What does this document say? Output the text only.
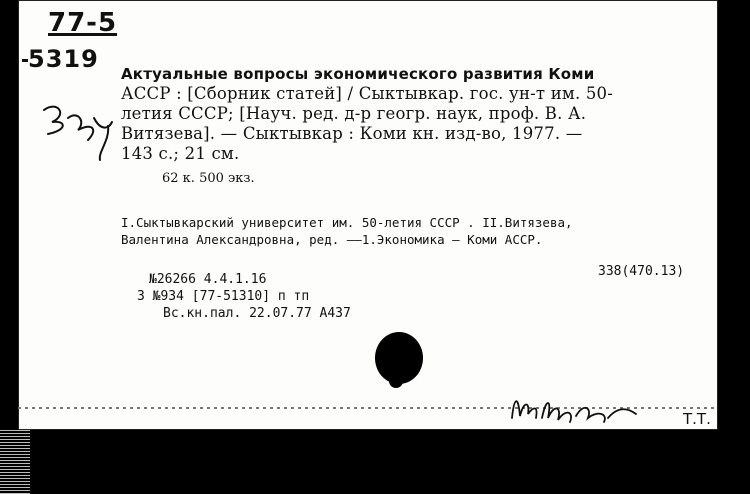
77-5
5319
Актуальные вопросы экономического развития Коми
АССР : [Сборник статей] / Сыктывкар. гос. ун-т им. 50-
летия СССР; [Науч. ред. д-р геогр. наук, проф. В. А.
Витязева]. — Сыктывкар : Коми кн. изд-во, 1977. —
143 с.; 21 см.
62 к. 500 экз.
I.Сыктывкарский университет им. 50-летия СССР . II.Витязева,
Валентина Александровна, ред. ——1.Экономика — Коми АССР.
338(470.13)
№26266 4.4.1.16
3 №934 [77-51310] п тп
Вс.кн.пал. 22.07.77 А437
Т.Т.
